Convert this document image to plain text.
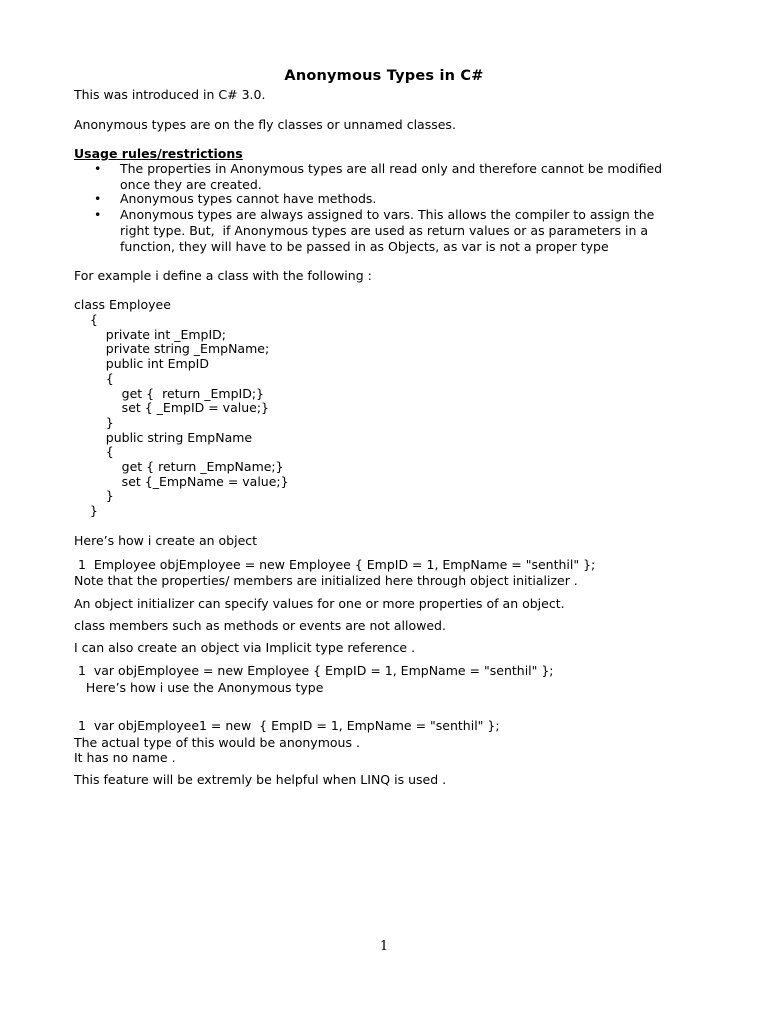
Anonymous Types in C#
This was introduced in C# 3.0.
Anonymous types are on the fly classes or unnamed classes.
Usage rules/restrictions
• The properties in Anonymous types are all read only and therefore cannot be modified
once they are created.
• Anonymous types cannot have methods.
• Anonymous types are always assigned to vars. This allows the compiler to assign the
right type. But,  if Anonymous types are used as return values or as parameters in a
function, they will have to be passed in as Objects, as var is not a proper type
For example i define a class with the following :
class Employee
{
private int _EmpID;
private string _EmpName;
public int EmpID
{
get {  return _EmpID;}
set { _EmpID = value;}
}
public string EmpName
{
get { return _EmpName;}
set {_EmpName = value;}
}
}
Here’s how i create an object
1  Employee objEmployee = new Employee { EmpID = 1, EmpName = "senthil" };
Note that the properties/ members are initialized here through object initializer .
An object initializer can specify values for one or more properties of an object.
class members such as methods or events are not allowed.
I can also create an object via Implicit type reference .
1  var objEmployee = new Employee { EmpID = 1, EmpName = "senthil" };
Here’s how i use the Anonymous type
1  var objEmployee1 = new  { EmpID = 1, EmpName = "senthil" };
The actual type of this would be anonymous .
It has no name .
This feature will be extremly be helpful when LINQ is used .
1
